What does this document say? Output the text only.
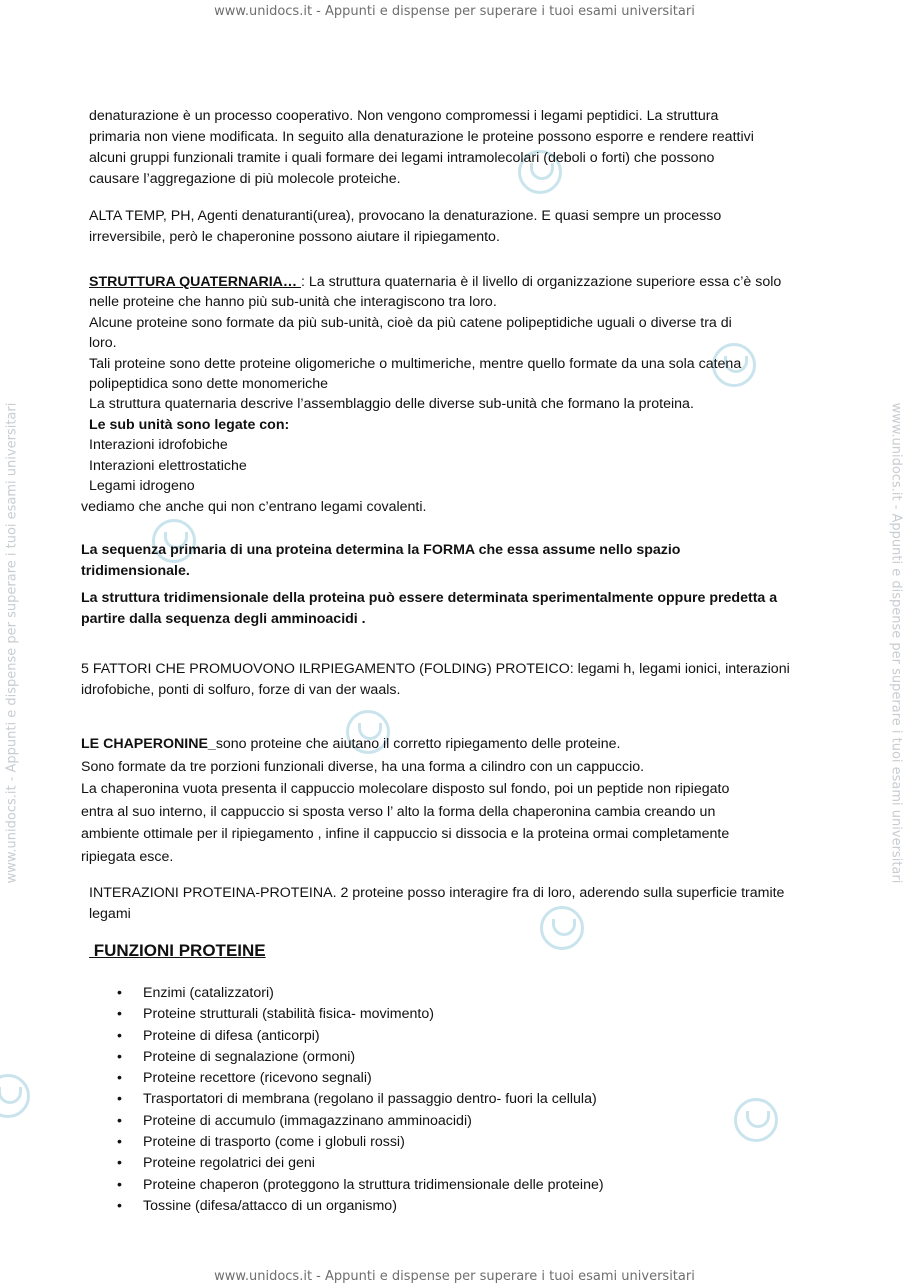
www.unidocs.it - Appunti e dispense per superare i tuoi esami universitari
www.unidocs.it - Appunti e dispense per superare i tuoi esami universitari
www.unidocs.it - Appunti e dispense per superare i tuoi esami universitari	www.unidocs.it - Appunti e dispense per superare i tuoi esami universitari
denaturazione è un processo cooperativo. Non vengono compromessi i legami peptidici. La struttura
primaria non viene modificata. In seguito alla denaturazione le proteine possono esporre e rendere reattivi
alcuni gruppi funzionali tramite i quali formare dei legami intramolecolari (deboli o forti) che possono
causare l’aggregazione di più molecole proteiche.
ALTA TEMP, PH, Agenti denaturanti(urea), provocano la denaturazione. E quasi sempre un processo
irreversibile, però le chaperonine possono aiutare il ripiegamento.
STRUTTURA QUATERNARIA… : La struttura quaternaria è il livello di organizzazione superiore essa c’è solo
nelle proteine che hanno più sub-unità che interagiscono tra loro.
Alcune proteine sono formate da più sub-unità, cioè da più catene polipeptidiche uguali o diverse tra di
loro.
Tali proteine sono dette proteine oligomeriche o multimeriche, mentre quello formate da una sola catena
polipeptidica sono dette monomeriche
La struttura quaternaria descrive l’assemblaggio delle diverse sub-unità che formano la proteina.
Le sub unità sono legate con:
Interazioni idrofobiche
Interazioni elettrostatiche
Legami idrogeno
vediamo che anche qui non c’entrano legami covalenti.
La sequenza primaria di una proteina determina la FORMA che essa assume nello spazio
tridimensionale.
La struttura tridimensionale della proteina può essere determinata sperimentalmente oppure predetta a
partire dalla sequenza degli amminoacidi .
5 FATTORI CHE PROMUOVONO ILRPIEGAMENTO (FOLDING) PROTEICO: legami h, legami ionici, interazioni
idrofobiche, ponti di solfuro, forze di van der waals.
LE CHAPERONINE_sono proteine che aiutano il corretto ripiegamento delle proteine.
Sono formate da tre porzioni funzionali diverse, ha una forma a cilindro con un cappuccio.
La chaperonina vuota presenta il cappuccio molecolare disposto sul fondo, poi un peptide non ripiegato
entra al suo interno, il cappuccio si sposta verso l’ alto la forma della chaperonina cambia creando un
ambiente ottimale per il ripiegamento , infine il cappuccio si dissocia e la proteina ormai completamente
ripiegata esce.
INTERAZIONI PROTEINA-PROTEINA. 2 proteine posso interagire fra di loro, aderendo sulla superficie tramite
legami
FUNZIONI PROTEINE
• Enzimi (catalizzatori)
• Proteine strutturali (stabilità fisica- movimento)
• Proteine di difesa (anticorpi)
• Proteine di segnalazione (ormoni)
• Proteine recettore (ricevono segnali)
• Trasportatori di membrana (regolano il passaggio dentro- fuori la cellula)
• Proteine di accumulo (immagazzinano amminoacidi)
• Proteine di trasporto (come i globuli rossi)
• Proteine regolatrici dei geni
• Proteine chaperon (proteggono la struttura tridimensionale delle proteine)
• Tossine (difesa/attacco di un organismo)
